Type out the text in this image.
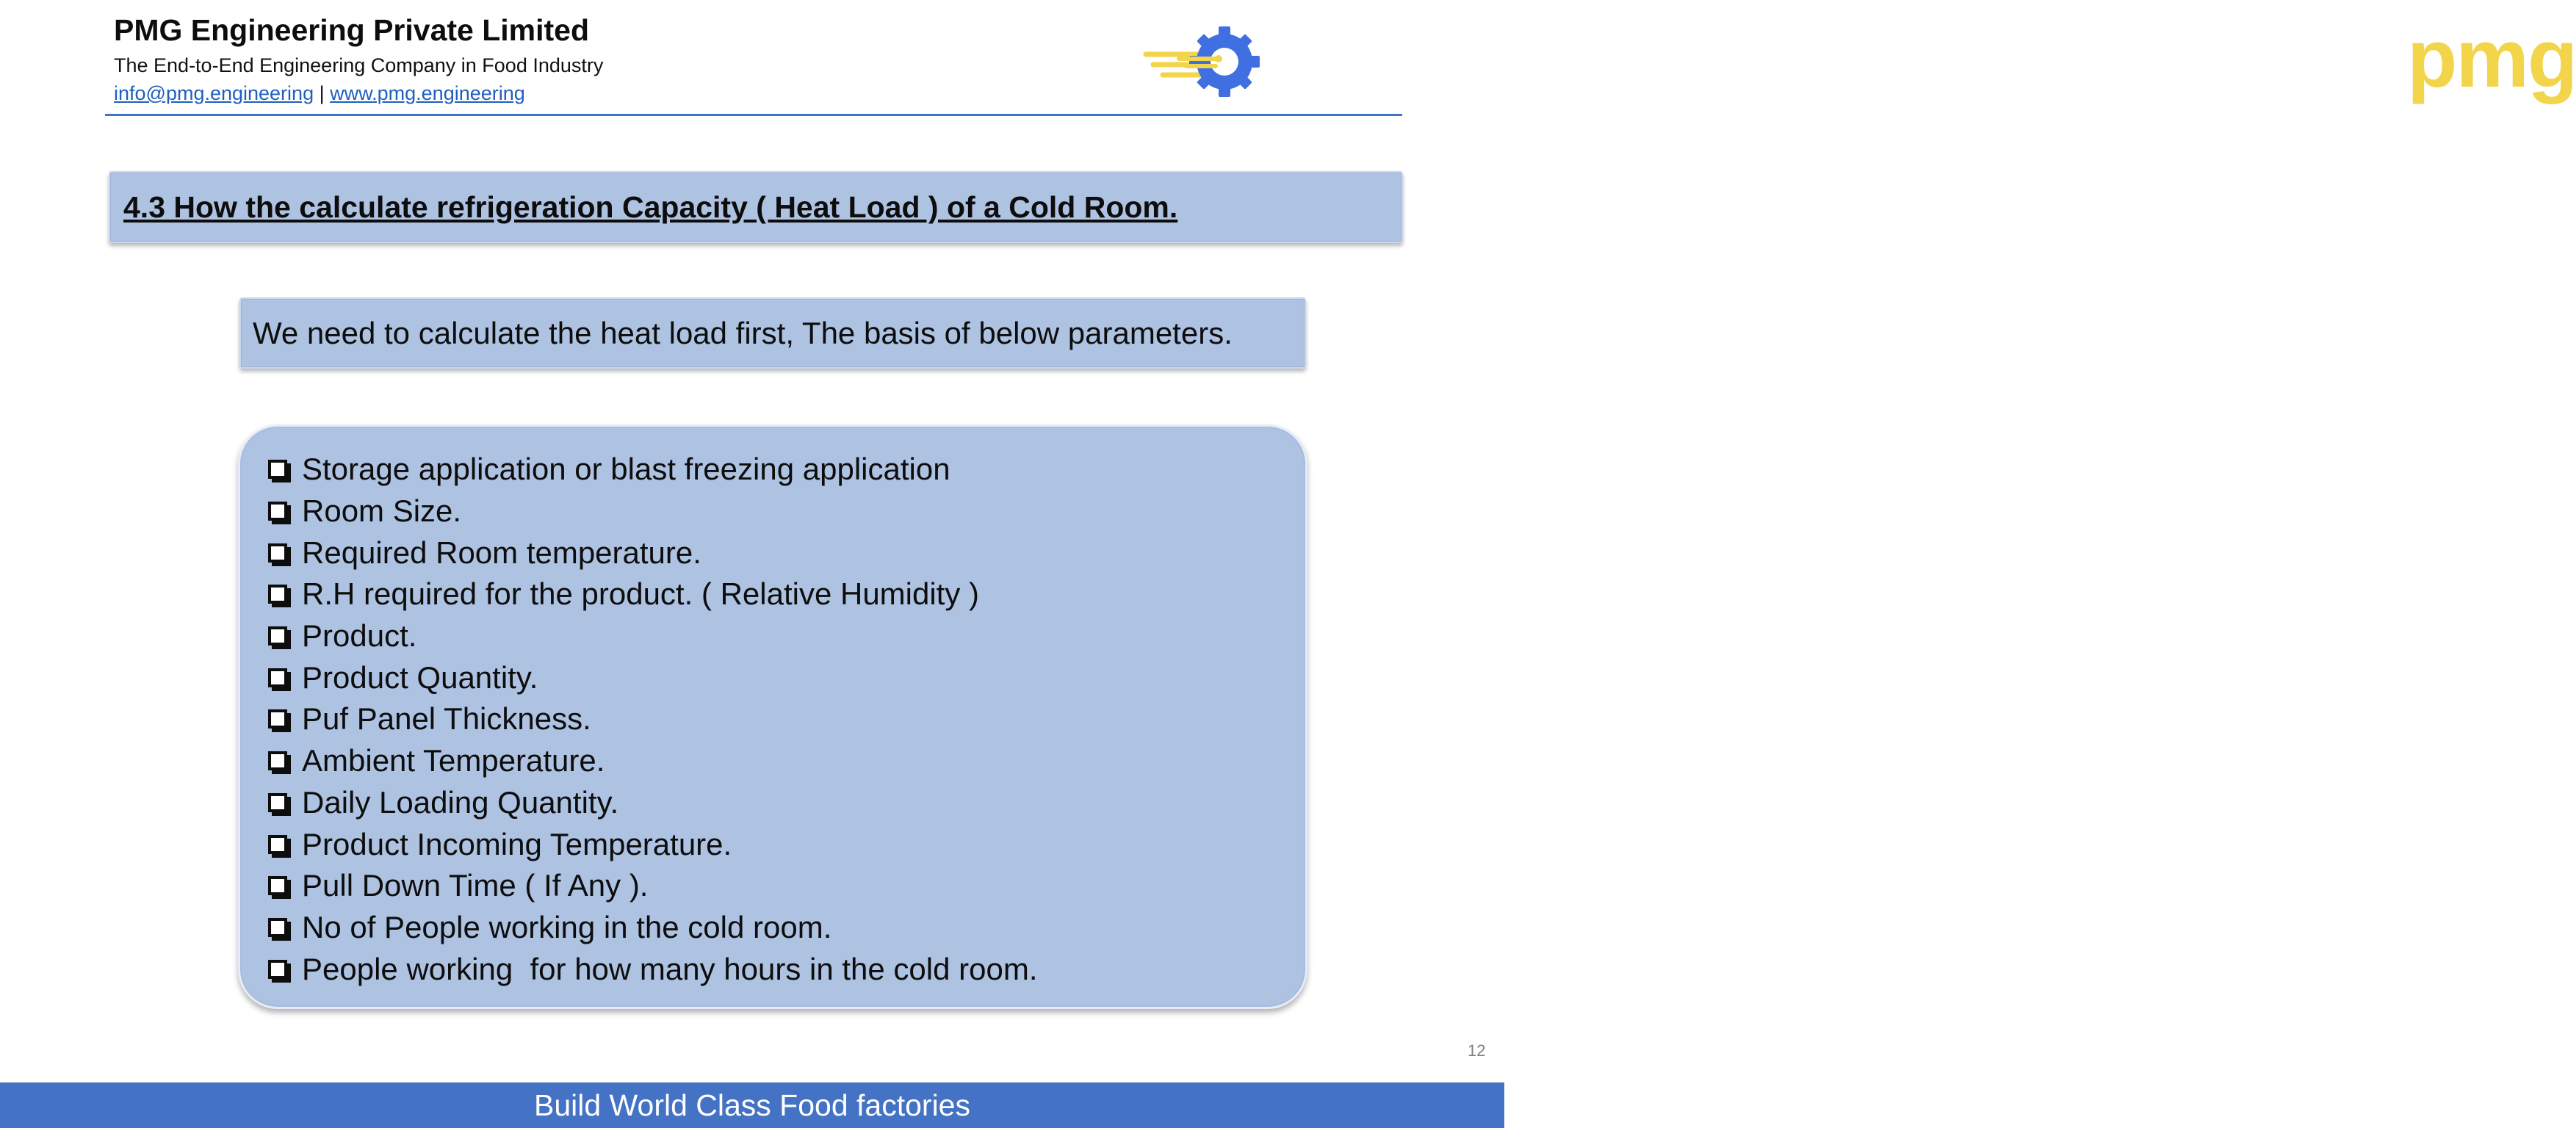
PMG Engineering Private Limited
The End-to-End Engineering Company in Food Industry
info@pmg.engineering | www.pmg.engineering	pmg
4.3 How the calculate refrigeration Capacity ( Heat Load ) of a Cold Room.
We need to calculate the heat load first, The basis of below parameters.
Storage application or blast freezing application
Room Size.
Required Room temperature.
R.H required for the product. ( Relative Humidity )
Product.
Product Quantity.
Puf Panel Thickness.
Ambient Temperature.
Daily Loading Quantity.
Product Incoming Temperature.
Pull Down Time ( If Any ).
No of People working in the cold room.
People working  for how many hours in the cold room.
12
Build World Class Food factories
